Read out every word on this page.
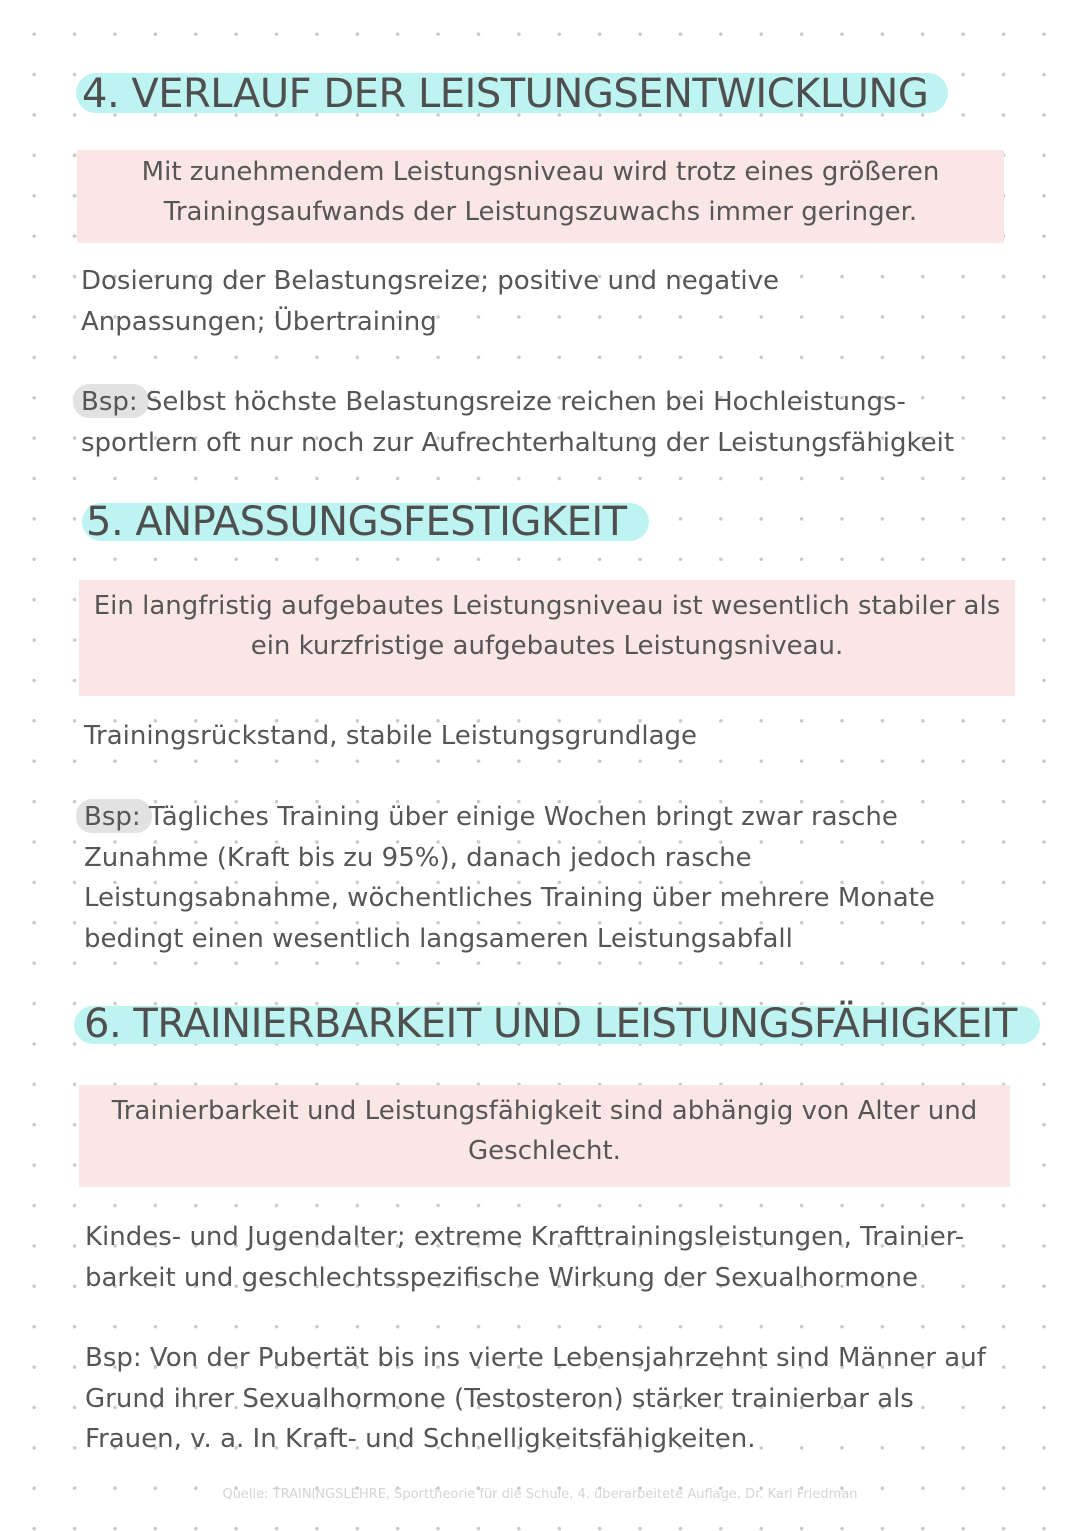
4. VERLAUF DER LEISTUNGSENTWICKLUNG

Mit zunehmendem Leistungsniveau wird trotz eines größeren

Trainingsaufwands der Leistungszuwachs immer geringer.

Dosierung der Belastungsreize; positive und negative
Anpassungen; Übertraining
Bsp: Selbst höchste Belastungsreize reichen bei Hochleistungs-
sportlern oft nur noch zur Aufrechterhaltung der Leistungsfähigkeit
5. ANPASSUNGSFESTIGKEIT

Ein langfristig aufgebautes Leistungsniveau ist wesentlich stabiler als

ein kurzfristige aufgebautes Leistungsniveau.

Trainingsrückstand, stabile Leistungsgrundlage
Bsp: Tägliches Training über einige Wochen bringt zwar rasche
Zunahme (Kraft bis zu 95%), danach jedoch rasche
Leistungsabnahme, wöchentliches Training über mehrere Monate
bedingt einen wesentlich langsameren Leistungsabfall
6. TRAINIERBARKEIT UND LEISTUNGSFÄHIGKEIT

Trainierbarkeit und Leistungsfähigkeit sind abhängig von Alter und

Geschlecht.

Kindes- und Jugendalter; extreme Krafttrainingsleistungen, Trainier-
barkeit und geschlechtsspezifische Wirkung der Sexualhormone
Bsp: Von der Pubertät bis ins vierte Lebensjahrzehnt sind Männer auf
Grund ihrer Sexualhormone (Testosteron) stärker trainierbar als
Frauen, v. a. In Kraft- und Schnelligkeitsfähigkeiten.
Quelle: TRAININGSLEHRE, Sporttheorie für die Schule, 4. überarbeitete Auflage, Dr. Karl Friedman
